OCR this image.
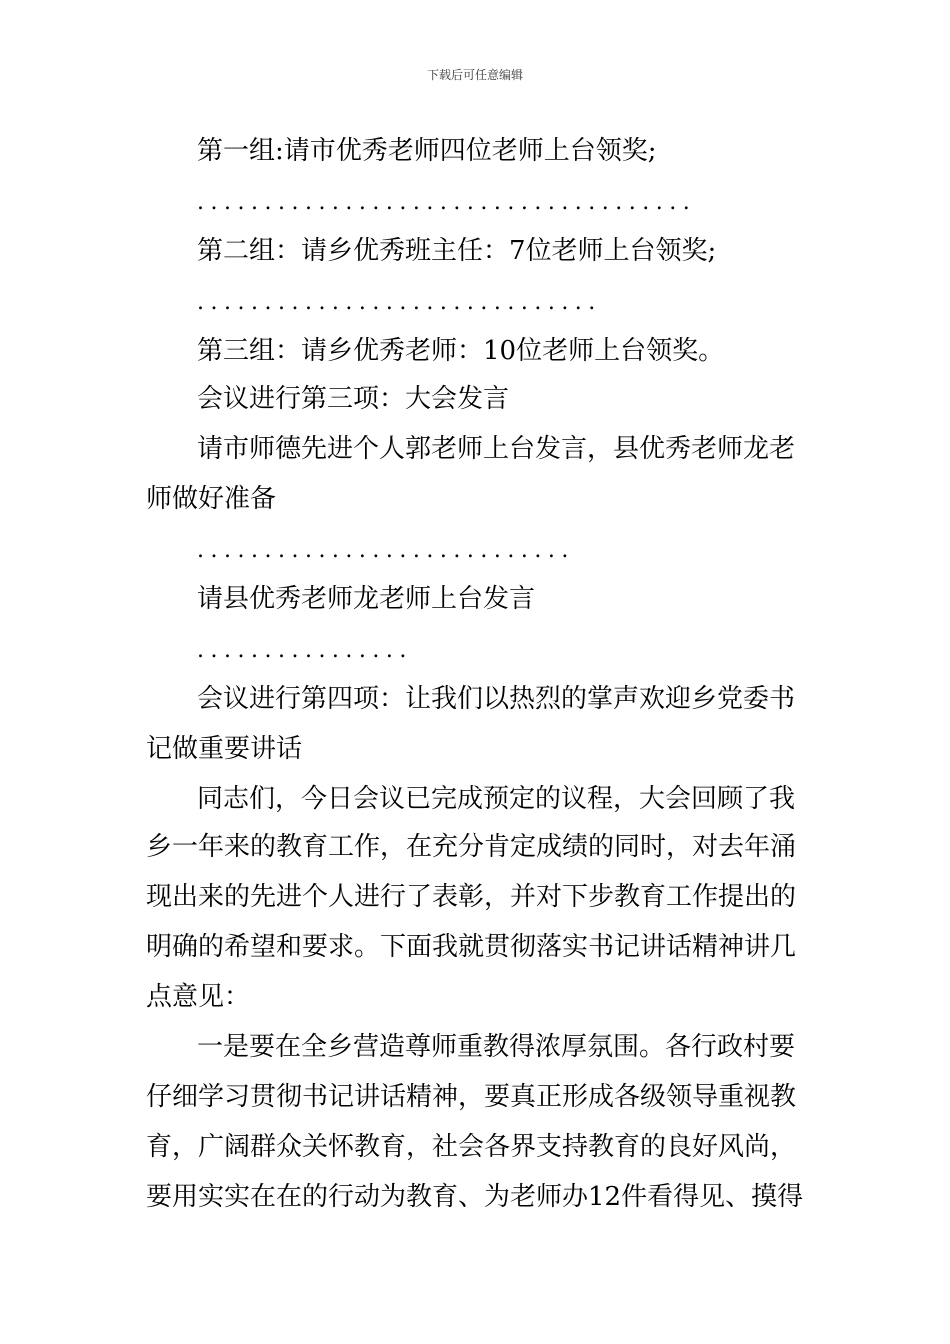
下载后可任意编辑
第一组:请市优秀老师四位老师上台领奖;
.....................................
第二组：请乡优秀班主任：7位老师上台领奖;
..............................
第三组：请乡优秀老师：10位老师上台领奖。
会议进行第三项：大会发言
请市师德先进个人郭老师上台发言，县优秀老师龙老
师做好准备
............................
请县优秀老师龙老师上台发言
................
会议进行第四项：让我们以热烈的掌声欢迎乡党委书
记做重要讲话
同志们，今日会议已完成预定的议程，大会回顾了我
乡一年来的教育工作，在充分肯定成绩的同时，对去年涌
现出来的先进个人进行了表彰，并对下步教育工作提出的
明确的希望和要求。下面我就贯彻落实书记讲话精神讲几
点意见：
一是要在全乡营造尊师重教得浓厚氛围。各行政村要
仔细学习贯彻书记讲话精神，要真正形成各级领导重视教
育，广阔群众关怀教育，社会各界支持教育的良好风尚，
要用实实在在的行动为教育、为老师办12件看得见、摸得
